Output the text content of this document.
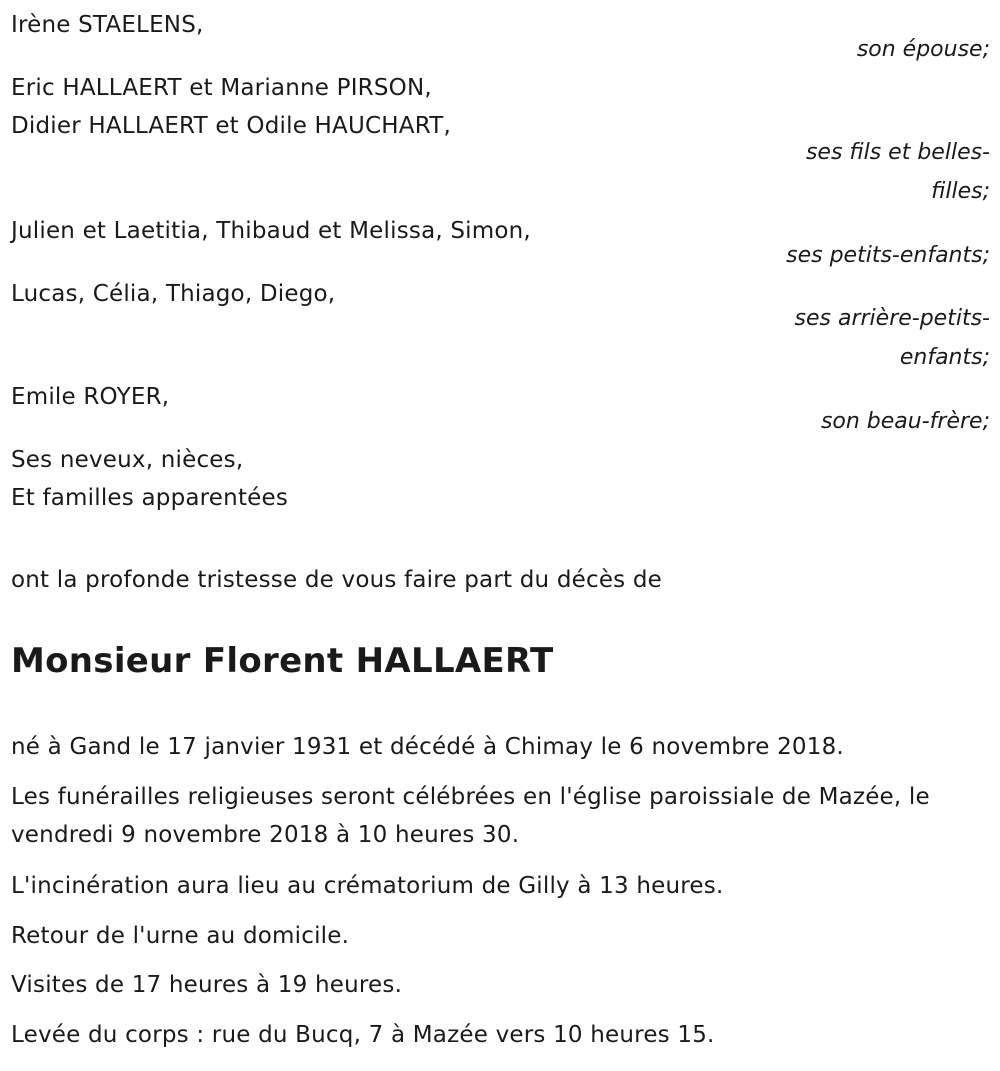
Irène STAELENS,
son épouse;
Eric HALLAERT et Marianne PIRSON,
Didier HALLAERT et Odile HAUCHART,
ses fils et belles-filles;
Julien et Laetitia, Thibaud et Melissa, Simon,
ses petits-enfants;
Lucas, Célia, Thiago, Diego,
ses arrière-petits-enfants;
Emile ROYER,
son beau-frère;
Ses neveux, nièces,
Et familles apparentées
ont la profonde tristesse de vous faire part du décès de
Monsieur Florent HALLAERT
né à Gand le 17 janvier 1931 et décédé à Chimay le 6 novembre 2018.
Les funérailles religieuses seront célébrées en l'église paroissiale de Mazée, le vendredi 9 novembre 2018 à 10 heures 30.
L'incinération aura lieu au crématorium de Gilly à 13 heures.
Retour de l'urne au domicile.
Visites de 17 heures à 19 heures.
Levée du corps : rue du Bucq, 7 à Mazée vers 10 heures 15.
